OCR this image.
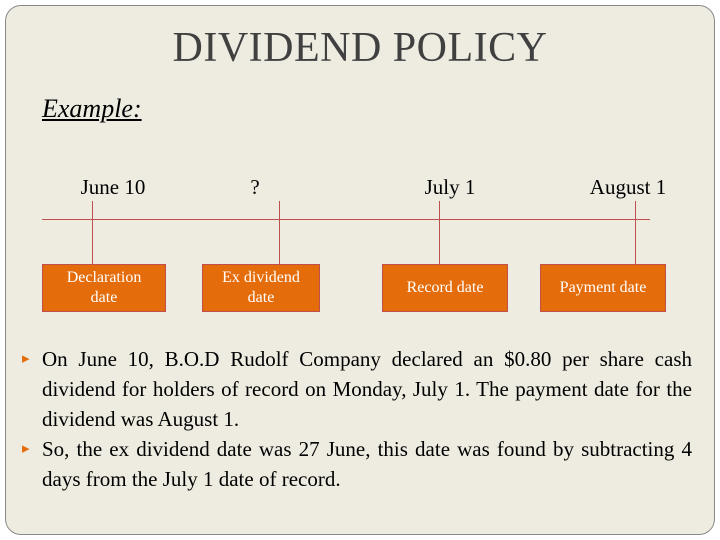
DIVIDEND POLICY
Example:
June 10	?	July 1	August 1
Declaration date
Ex dividend date
Record date	Payment date
▸ On June 10, B.O.D Rudolf Company declared an $0.80 per share cash dividend for holders of record on Monday, July 1. The payment date for the dividend was August 1.
▸ So, the ex dividend date was 27 June, this date was found by subtracting 4 days from the July 1 date of record.
